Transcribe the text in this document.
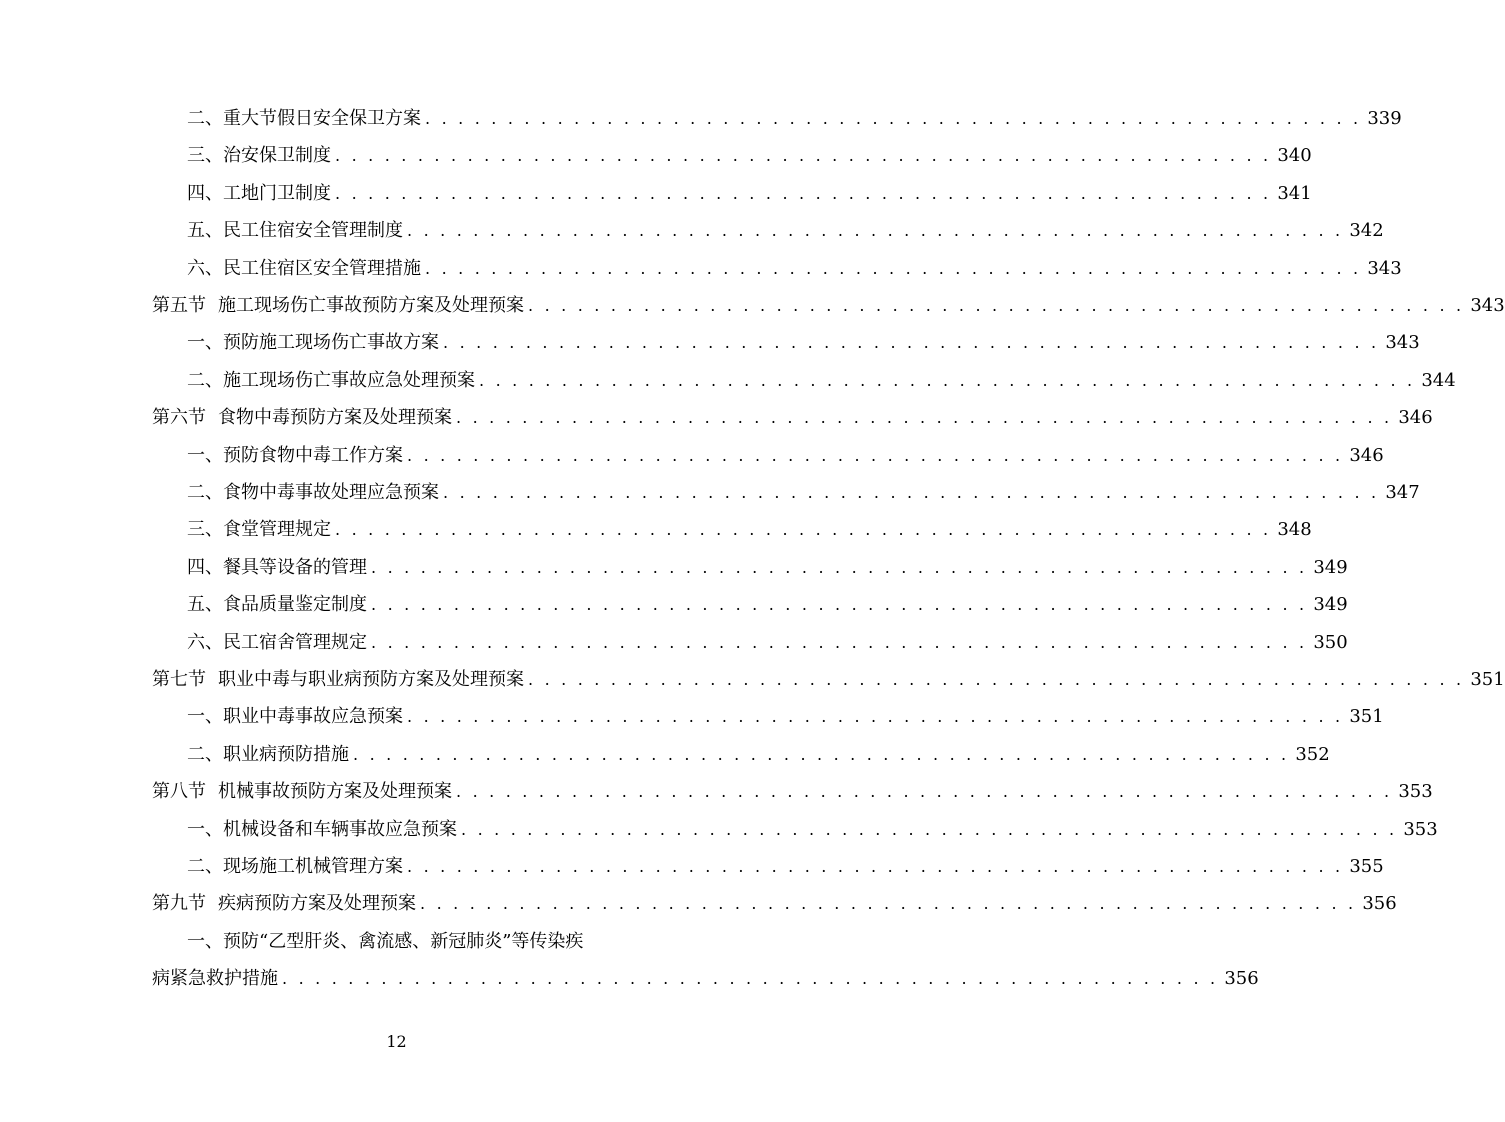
二、 重大节假日安全保卫方案 . . . . . . . . . . . . . . . . . . . . . . . . . . . . . . . . . . . . . . . . . . . . . . . . . . . . . . . . . 339
三、 治安保卫制度 . . . . . . . . . . . . . . . . . . . . . . . . . . . . . . . . . . . . . . . . . . . . . . . . . . . . . . . . . 340
四、 工地门卫制度 . . . . . . . . . . . . . . . . . . . . . . . . . . . . . . . . . . . . . . . . . . . . . . . . . . . . . . . . . 341
五、 民工住宿安全管理制度 . . . . . . . . . . . . . . . . . . . . . . . . . . . . . . . . . . . . . . . . . . . . . . . . . . . . . . . . . 342
六、 民工住宿区安全管理措施 . . . . . . . . . . . . . . . . . . . . . . . . . . . . . . . . . . . . . . . . . . . . . . . . . . . . . . . . . 343
第五节 施工现场伤亡事故预防方案及处理预案 . . . . . . . . . . . . . . . . . . . . . . . . . . . . . . . . . . . . . . . . . . . . . . . . . . . . . . . . . 343
一、 预防施工现场伤亡事故方案 . . . . . . . . . . . . . . . . . . . . . . . . . . . . . . . . . . . . . . . . . . . . . . . . . . . . . . . . . 343
二、 施工现场伤亡事故应急处理预案 . . . . . . . . . . . . . . . . . . . . . . . . . . . . . . . . . . . . . . . . . . . . . . . . . . . . . . . . . 344
第六节 食物中毒预防方案及处理预案 . . . . . . . . . . . . . . . . . . . . . . . . . . . . . . . . . . . . . . . . . . . . . . . . . . . . . . . . . 346
一、 预防食物中毒工作方案 . . . . . . . . . . . . . . . . . . . . . . . . . . . . . . . . . . . . . . . . . . . . . . . . . . . . . . . . . 346
二、 食物中毒事故处理应急预案 . . . . . . . . . . . . . . . . . . . . . . . . . . . . . . . . . . . . . . . . . . . . . . . . . . . . . . . . . 347
三、 食堂管理规定 . . . . . . . . . . . . . . . . . . . . . . . . . . . . . . . . . . . . . . . . . . . . . . . . . . . . . . . . . 348
四、 餐具等设备的管理 . . . . . . . . . . . . . . . . . . . . . . . . . . . . . . . . . . . . . . . . . . . . . . . . . . . . . . . . . 349
五、 食品质量鉴定制度 . . . . . . . . . . . . . . . . . . . . . . . . . . . . . . . . . . . . . . . . . . . . . . . . . . . . . . . . . 349
六、 民工宿舍管理规定 . . . . . . . . . . . . . . . . . . . . . . . . . . . . . . . . . . . . . . . . . . . . . . . . . . . . . . . . . 350
第七节 职业中毒与职业病预防方案及处理预案 . . . . . . . . . . . . . . . . . . . . . . . . . . . . . . . . . . . . . . . . . . . . . . . . . . . . . . . . . 351
一、 职业中毒事故应急预案 . . . . . . . . . . . . . . . . . . . . . . . . . . . . . . . . . . . . . . . . . . . . . . . . . . . . . . . . . 351
二、 职业病预防措施 . . . . . . . . . . . . . . . . . . . . . . . . . . . . . . . . . . . . . . . . . . . . . . . . . . . . . . . . . 352
第八节 机械事故预防方案及处理预案 . . . . . . . . . . . . . . . . . . . . . . . . . . . . . . . . . . . . . . . . . . . . . . . . . . . . . . . . . 353
一、 机械设备和车辆事故应急预案 . . . . . . . . . . . . . . . . . . . . . . . . . . . . . . . . . . . . . . . . . . . . . . . . . . . . . . . . . 353
二、 现场施工机械管理方案 . . . . . . . . . . . . . . . . . . . . . . . . . . . . . . . . . . . . . . . . . . . . . . . . . . . . . . . . . 355
第九节 疾病预防方案及处理预案 . . . . . . . . . . . . . . . . . . . . . . . . . . . . . . . . . . . . . . . . . . . . . . . . . . . . . . . . . 356
一、 预防“乙型肝炎、禽流感、新冠肺炎”等传染疾
病紧急救护措施 . . . . . . . . . . . . . . . . . . . . . . . . . . . . . . . . . . . . . . . . . . . . . . . . . . . . . . . . . 356
12
